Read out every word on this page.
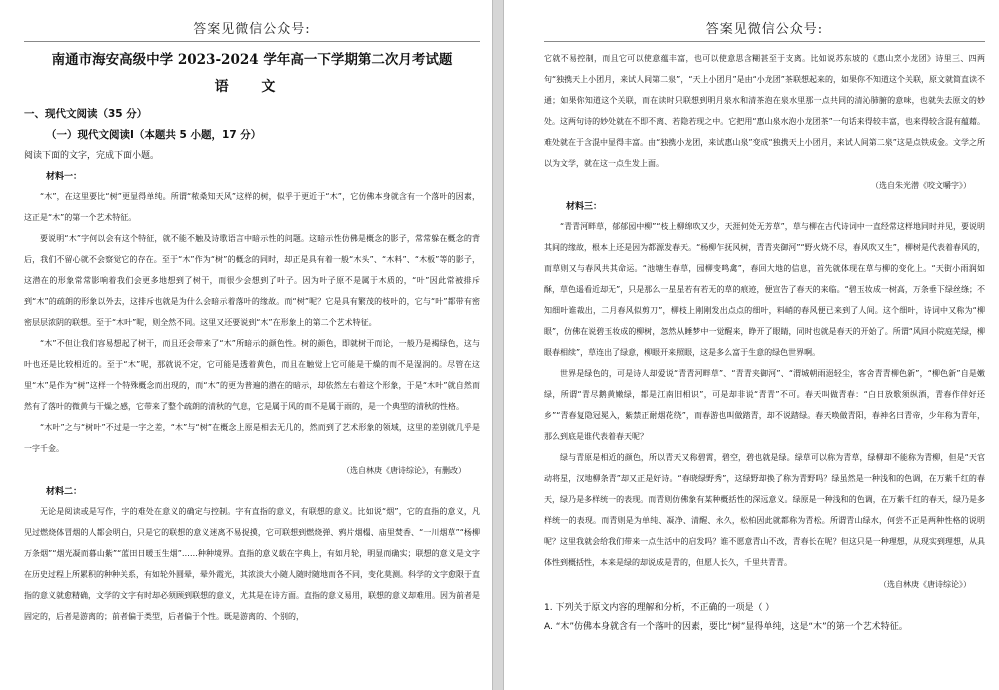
答案见微信公众号:
南通市海安高级中学 2023-2024 学年高一下学期第二次月考试题
语 文
一、现代文阅读（35 分）
（一）现代文阅读Ⅰ（本题共 5 小题，17 分）
阅读下面的文字，完成下面小题。
材料一：

“木”，在这里要比“树”更显得单纯。所谓“秾桑知天风”这样的树，似乎于更近于“木”，它仿佛本身就含有一个落叶的因素，这正是“木”的第一个艺术特征。

要说明“木”字何以会有这个特征，就不能不触及诗歌语言中暗示性的问题。这暗示性仿佛是概念的影子，常常躲在概念的背后，我们不留心就不会察觉它的存在。至于“木”作为“树”的概念的同时，却正是具有着一般“木头”、“木料”、“木板”等的影子，这潜在的形象常常影响着我们会更多地想到了树干，而很少会想到了叶子。因为叶子原不是属于木质的，“叶”因此常被排斥到“木”的疏朗的形象以外去，这排斥也就是为什么会暗示着落叶的缘故。而“树”呢？它是具有繁茂的枝叶的，它与“叶”都带有密密层层浓阴的联想。至于“木叶”呢，则全然不同。这里又还要说到“木”在形象上的第二个艺术特征。

“木”不但让我们容易想起了树干，而且还会带来了“木”所暗示的颜色性。树的颜色，即就树干而论，一般乃是褐绿色，这与叶也还是比较相近的。至于“木”呢，那就说不定，它可能是透着黄色，而且在触觉上它可能是干燥的而不是湿润的。尽管在这里“木”是作为“树”这样一个特殊概念而出现的，而“木”的更为普遍的潜在的暗示，却依然左右着这个形象，于是“木叶”就自然而然有了落叶的微黄与干燥之感，它带来了整个疏朗的清秋的气息，它是属于风的而不是属于雨的，是一个典型的清秋的性格。

“木叶”之与“树叶”不过是一字之差，“木”与“树”在概念上原是相去无几的，然而到了艺术形象的领域，这里的差别就几乎是一字千金。

（选自林庚《唐诗综论》，有删改）
材料二：

无论是阅读或是写作，字的难处在意义的确定与控制。字有直指的意义，有联想的意义。比如说“烟”，它的直指的意义，凡见过燃烧体冒烟的人都会明白，只是它的联想的意义迷离不易捉摸，它可联想到燃烧弹、鸦片烟榻、庙里焚香、“一川烟草”“杨柳万条烟”“烟光凝而暮山紫”“蓝田日暖玉生烟”……种种境界。直指的意义载在字典上，有如月轮，明显而确实；联想的意义是文字在历史过程上所累积的种种关系，有如轮外圆晕，晕外霞光，其浓淡大小随人随时随地而各不同，变化莫测。科学的文字愈限于直指的意义就愈精确，文学的文字有时却必须顾到联想的意义，尤其是在诗方面。直指的意义易用，联想的意义却难用。因为前者是固定的，后者是游离的；前者偏于类型，后者偏于个性。既是游离的、个别的，

答案见微信公众号:

它就不易控制，而且它可以使意蕴丰富，也可以使意思含糊甚至于支离。比如说苏东坡的《惠山烹小龙团》诗里三、四两句“独携天上小团月，来试人间第二泉”，“天上小团月”是由“小龙团”茶联想起来的，如果你不知道这个关联，原文就简直读不通；如果你知道这个关联，而在读时只联想到明月泉水和清茶泡在泉水里那一点共同的清沁肺腑的意味，也就失去原文的妙处。这两句诗的妙处就在不即不离、若隐若现之中。它把用“惠山泉水泡小龙团茶”一句话来得较丰富，也来得较含混有蕴藉。难处就在于含混中显得丰富。由“独携小龙团，来试惠山泉”变成“独携天上小团月，来试人间第二泉”这是点铁成金。文学之所以为文学，就在这一点生发上面。

（选自朱光潜《咬文嚼字》）
材料三：

“青青河畔草，郁郁园中柳”“枝上柳绵吹又少，天涯何处无芳草”，草与柳在古代诗词中一直经常这样地同时并见，要说明其间的缘故，根本上还是因为都源发春天。“杨柳乍抚风树，青青夹御河”“野火烧不尽，春风吹又生”，柳树是代表着春风的，而草则又与春风共其命运。“池塘生春草，园柳变鸣禽”，春回大地的信息，首先就体现在草与柳的变化上。“天街小雨润如酥，草色遥看近却无”，只是那么一星星若有若无的草的痕迹，便宣告了春天的来临。“碧玉妆成一树高，万条垂下绿丝绦；不知细叶谁裁出，二月春风似剪刀”，柳枝上刚刚发出点点的细叶，料峭的春风便已来到了人间。这个细叶，诗词中又称为“柳眼”，仿佛在说碧玉妆成的柳树，忽然从睡梦中一觉醒来，睁开了眼睛，同时也就是春天的开始了。所谓“风回小院庭芜绿，柳眼春相续”，草连出了绿意，柳眼开来照眼，这是多么富于生意的绿色世界啊。

世界是绿色的，可是诗人却爱说“青青河畔草”、“青青夹御河”、“渭城朝雨浥轻尘，客舍青青柳色新”，“柳色新”自是嫩绿，所谓“青尽鹅黄嫩绿，都是江南旧相识”，可是却非说“青青”不可。春天叫做青春：“白日放歌须纵酒，青春作伴好还乡”“青春复隐冠冕入，紫禁正耐烟花绕”，而春游也叫做踏青，却不说踏绿。春天唤做青阳，春神名曰青帝，少年称为青年，那么到底是谁代表着春天呢？

绿与青原是相近的颜色，所以青天又称碧霄，碧空，碧也就是绿。绿草可以称为青草，绿柳却不能称为青柳，但是“天官动将星，汉地柳条青”却又正是好诗。“春晓绿野秀”，这绿野却换了称为青野吗？绿虽然是一种浅和的色调，在万紫千红的春天，绿乃是多样统一的表现。而青则仿佛象有某种概括性的深远意义。绿原是一种浅和的色调，在万紫千红的春天，绿乃是多样统一的表现。而青则是为单纯、凝净、清醒、永久，松柏因此就都称为青松。所谓青山绿水，何尝不正是两种性格的说明呢？这里我就会给我们带来一点生活中的启发吗？谁不愿意青山不改，青春长在呢？但这只是一种理想，从现实到理想，从具体性到概括性，本来是绿的却说成是青的，但愿人长久，千里共青青。

（选自林庚《唐诗综论》）
1. 下列关于原文内容的理解和分析，不正确的一项是（ ）
A. “木”仿佛本身就含有一个落叶的因素，要比“树”显得单纯，这是“木”的第一个艺术特征。
